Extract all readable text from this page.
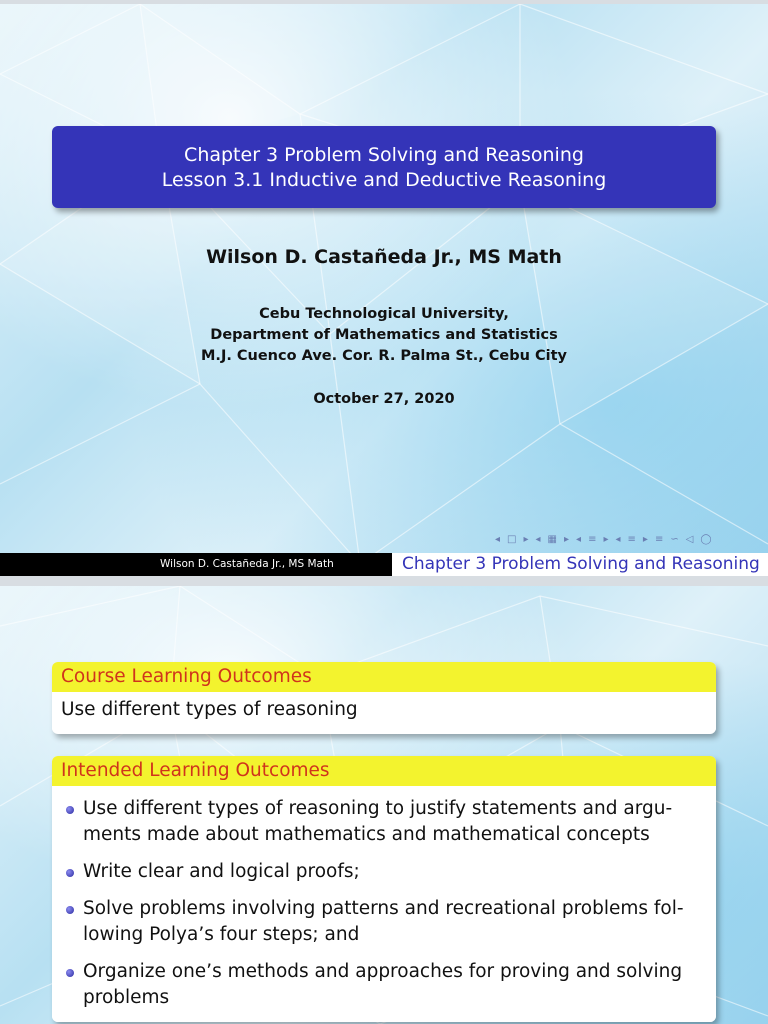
Chapter 3 Problem Solving and Reasoning
Lesson 3.1 Inductive and Deductive Reasoning
Wilson D. Castañeda Jr., MS Math
Cebu Technological University,
Department of Mathematics and Statistics
M.J. Cuenco Ave. Cor. R. Palma St., Cebu City
October 27, 2020
◂ □ ▸ ◂ ▦ ▸ ◂ ≡ ▸ ◂ ≡ ▸ ≡ ∽ ◁ ◯
Wilson D. Castañeda Jr., MS Math	Chapter 3 Problem Solving and Reasoning
Course Learning Outcomes
Use different types of reasoning
Intended Learning Outcomes
Use different types of reasoning to justify statements and argu- ments made about mathematics and mathematical concepts
Write clear and logical proofs;
Solve problems involving patterns and recreational problems fol- lowing Polya’s four steps; and
Organize one’s methods and approaches for proving and solving problems
